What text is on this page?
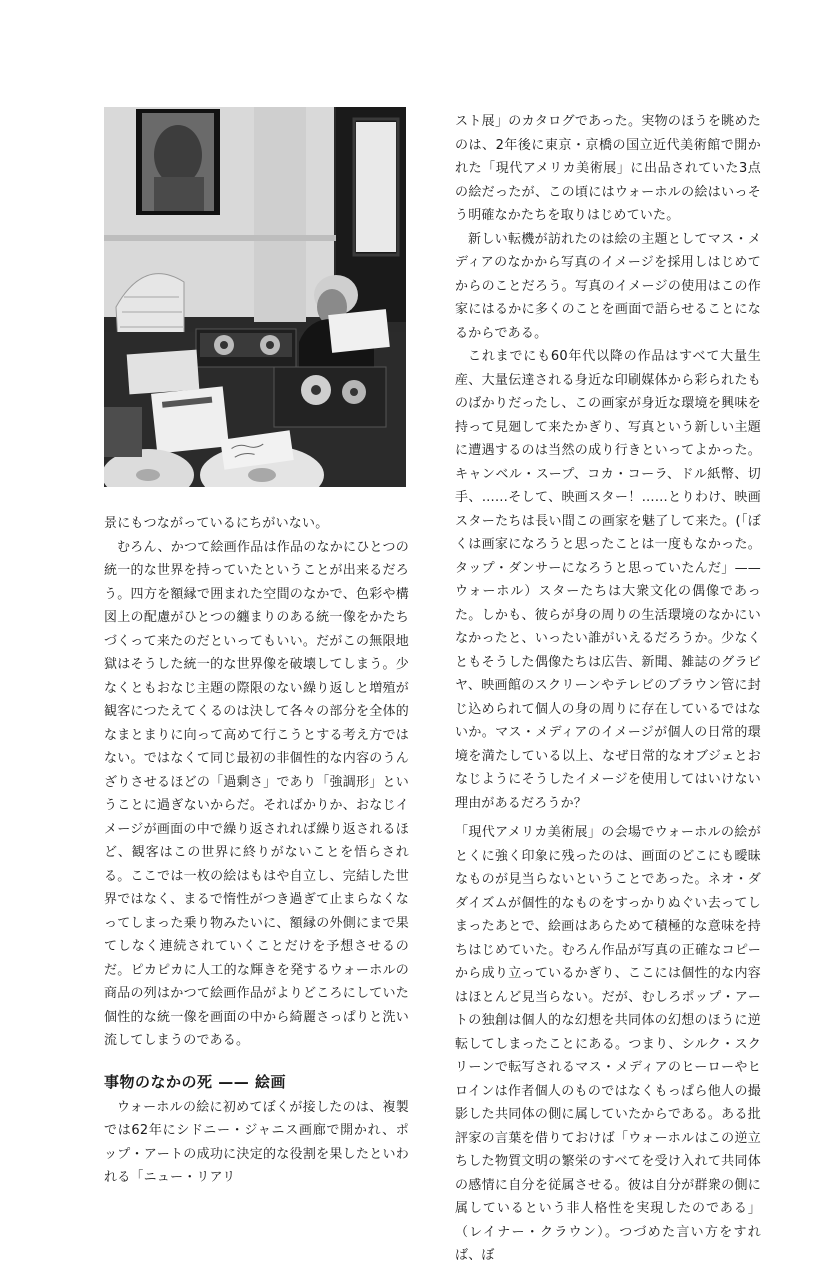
景にもつながっているにちがいない。

むろん、かつて絵画作品は作品のなかにひとつの統一的な世界を持っていたということが出来るだろう。四方を額縁で囲まれた空間のなかで、色彩や構図上の配慮がひとつの纏まりのある統一像をかたちづくって来たのだといってもいい。だがこの無限地獄はそうした統一的な世界像を破壊してしまう。少なくともおなじ主題の際限のない繰り返しと増殖が観客につたえてくるのは決して各々の部分を全体的なまとまりに向って高めて行こうとする考え方ではない。ではなくて同じ最初の非個性的な内容のうんざりさせるほどの「過剰さ」であり「強調形」ということに過ぎないからだ。そればかりか、おなじイメージが画面の中で繰り返されれば繰り返されるほど、観客はこの世界に終りがないことを悟らされる。ここでは一枚の絵はもはや自立し、完結した世界ではなく、まるで惰性がつき過ぎて止まらなくなってしまった乗り物みたいに、額縁の外側にまで果てしなく連続されていくことだけを予想させるのだ。ピカピカに人工的な輝きを発するウォーホルの商品の列はかつて絵画作品がよりどころにしていた個性的な統一像を画面の中から綺麗さっぱりと洗い流してしまうのである。

事物のなかの死 —— 絵画

ウォーホルの絵に初めてぼくが接したのは、複製では62年にシドニー・ジャニス画廊で開かれ、ポップ・アートの成功に決定的な役割を果したといわれる「ニュー・リアリ

スト展」のカタログであった。実物のほうを眺めたのは、2年後に東京・京橋の国立近代美術館で開かれた「現代アメリカ美術展」に出品されていた3点の絵だったが、この頃にはウォーホルの絵はいっそう明確なかたちを取りはじめていた。

新しい転機が訪れたのは絵の主題としてマス・メディアのなかから写真のイメージを採用しはじめてからのことだろう。写真のイメージの使用はこの作家にはるかに多くのことを画面で語らせることになるからである。

これまでにも60年代以降の作品はすべて大量生産、大量伝達される身近な印刷媒体から彩られたものばかりだったし、この画家が身近な環境を興味を持って見廻して来たかぎり、写真という新しい主題に遭遇するのは当然の成り行きといってよかった。キャンベル・スープ、コカ・コーラ、ドル紙幣、切手、……そして、映画スター！……とりわけ、映画スターたちは長い間この画家を魅了して来た。(「ぼくは画家になろうと思ったことは一度もなかった。タップ・ダンサーになろうと思っていたんだ」——ウォーホル）スターたちは大衆文化の偶像であった。しかも、彼らが身の周りの生活環境のなかにいなかったと、いったい誰がいえるだろうか。少なくともそうした偶像たちは広告、新聞、雑誌のグラビヤ、映画館のスクリーンやテレビのブラウン管に封じ込められて個人の身の周りに存在しているではないか。マス・メディアのイメージが個人の日常的環境を満たしている以上、なぜ日常的なオブジェとおなじようにそうしたイメージを使用してはいけない理由があるだろうか？

「現代アメリカ美術展」の会場でウォーホルの絵がとくに強く印象に残ったのは、画面のどこにも曖昧なものが見当らないということであった。ネオ・ダダイズムが個性的なものをすっかりぬぐい去ってしまったあとで、絵画はあらためて積極的な意味を持ちはじめていた。むろん作品が写真の正確なコピーから成り立っているかぎり、ここには個性的な内容はほとんど見当らない。だが、むしろポップ・アートの独創は個人的な幻想を共同体の幻想のほうに逆転してしまったことにある。つまり、シルク・スクリーンで転写されるマス・メディアのヒーローやヒロインは作者個人のものではなくもっぱら他人の撮影した共同体の側に属していたからである。ある批評家の言葉を借りておけば「ウォーホルはこの逆立ちした物質文明の繁栄のすべてを受け入れて共同体の感情に自分を従属させる。彼は自分が群衆の側に属しているという非人格性を実現したのである」（レイナー・クラウン）。つづめた言い方をすれば、ぼ
